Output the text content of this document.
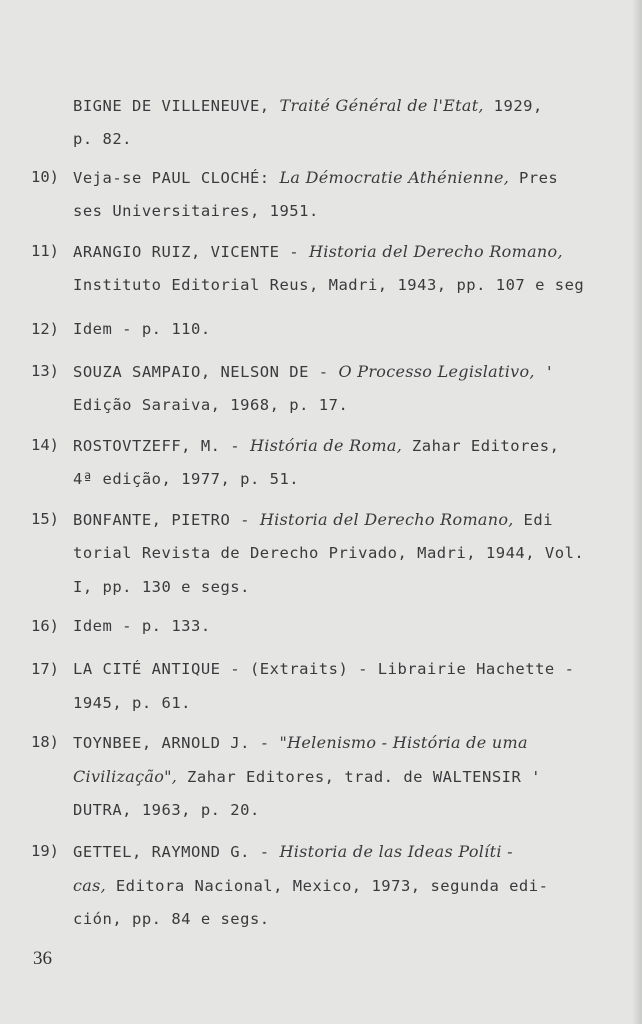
BIGNE DE VILLENEUVE, Traité Général de l'Etat, 1929,
p. 82.
10) Veja-se PAUL CLOCHÉ: La Démocratie Athénienne, Pres
ses Universitaires, 1951.
11) ARANGIO RUIZ, VICENTE - Historia del Derecho Romano,
Instituto Editorial Reus, Madri, 1943, pp. 107 e seg
12) Idem - p. 110.
13) SOUZA SAMPAIO, NELSON DE - O Processo Legislativo, '
Edição Saraiva, 1968, p. 17.
14) ROSTOVTZEFF, M. - História de Roma, Zahar Editores,
4ª edição, 1977, p. 51.
15) BONFANTE, PIETRO - Historia del Derecho Romano, Edi
torial Revista de Derecho Privado, Madri, 1944, Vol.
I, pp. 130 e segs.
16) Idem - p. 133.
17) LA CITÉ ANTIQUE - (Extraits) - Librairie Hachette -
1945, p. 61.
18) TOYNBEE, ARNOLD J. - "Helenismo - História de uma
Civilização", Zahar Editores, trad. de WALTENSIR '
DUTRA, 1963, p. 20.
19) GETTEL, RAYMOND G. - Historia de las Ideas Políti -
cas, Editora Nacional, Mexico, 1973, segunda edi-
ción, pp. 84 e segs.
36
